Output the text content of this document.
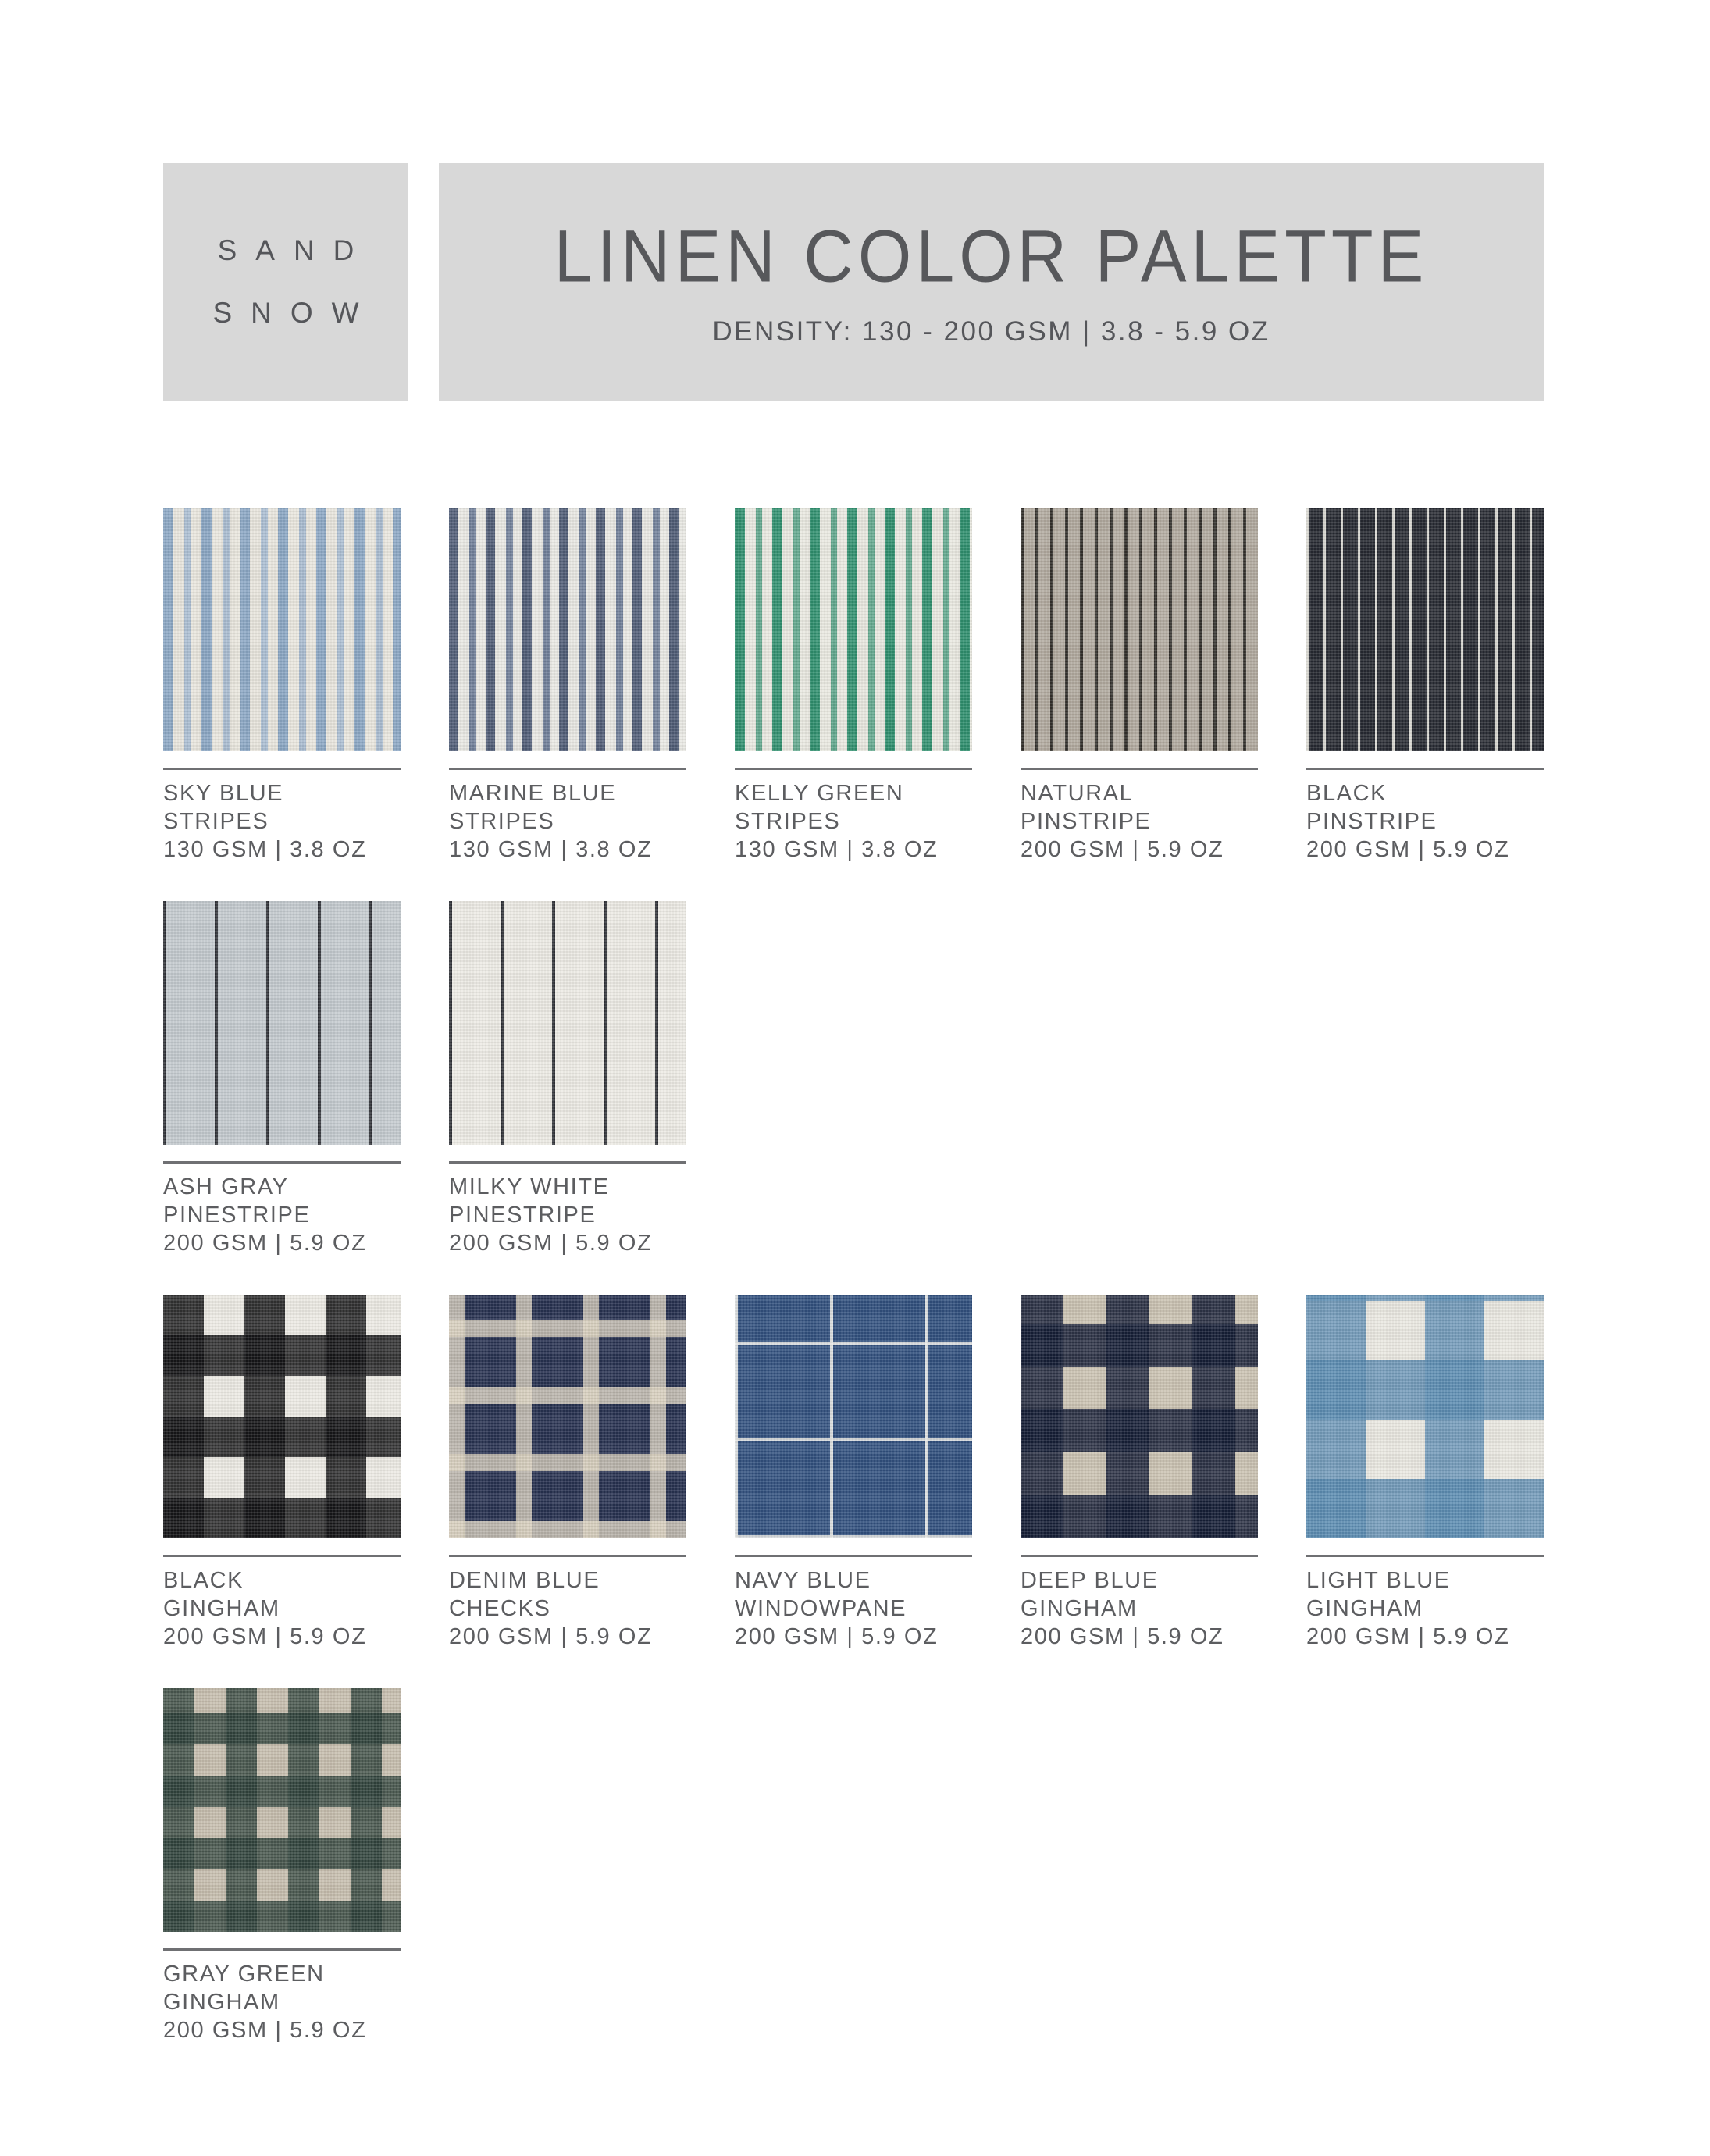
SAND
SNOW
LINEN COLOR PALETTE
DENSITY: 130 - 200 GSM | 3.8 - 5.9 OZ
SKY BLUE
STRIPES
130 GSM | 3.8 OZ
MARINE BLUE
STRIPES
130 GSM | 3.8 OZ
KELLY GREEN
STRIPES
130 GSM | 3.8 OZ
NATURAL
PINSTRIPE
200 GSM | 5.9 OZ
BLACK
PINSTRIPE
200 GSM | 5.9 OZ
ASH GRAY
PINESTRIPE
200 GSM | 5.9 OZ
MILKY WHITE
PINESTRIPE
200 GSM | 5.9 OZ
BLACK
GINGHAM
200 GSM | 5.9 OZ
DENIM BLUE
CHECKS
200 GSM | 5.9 OZ
NAVY BLUE
WINDOWPANE
200 GSM | 5.9 OZ
DEEP BLUE
GINGHAM
200 GSM | 5.9 OZ
LIGHT BLUE
GINGHAM
200 GSM | 5.9 OZ
GRAY GREEN
GINGHAM
200 GSM | 5.9 OZ
